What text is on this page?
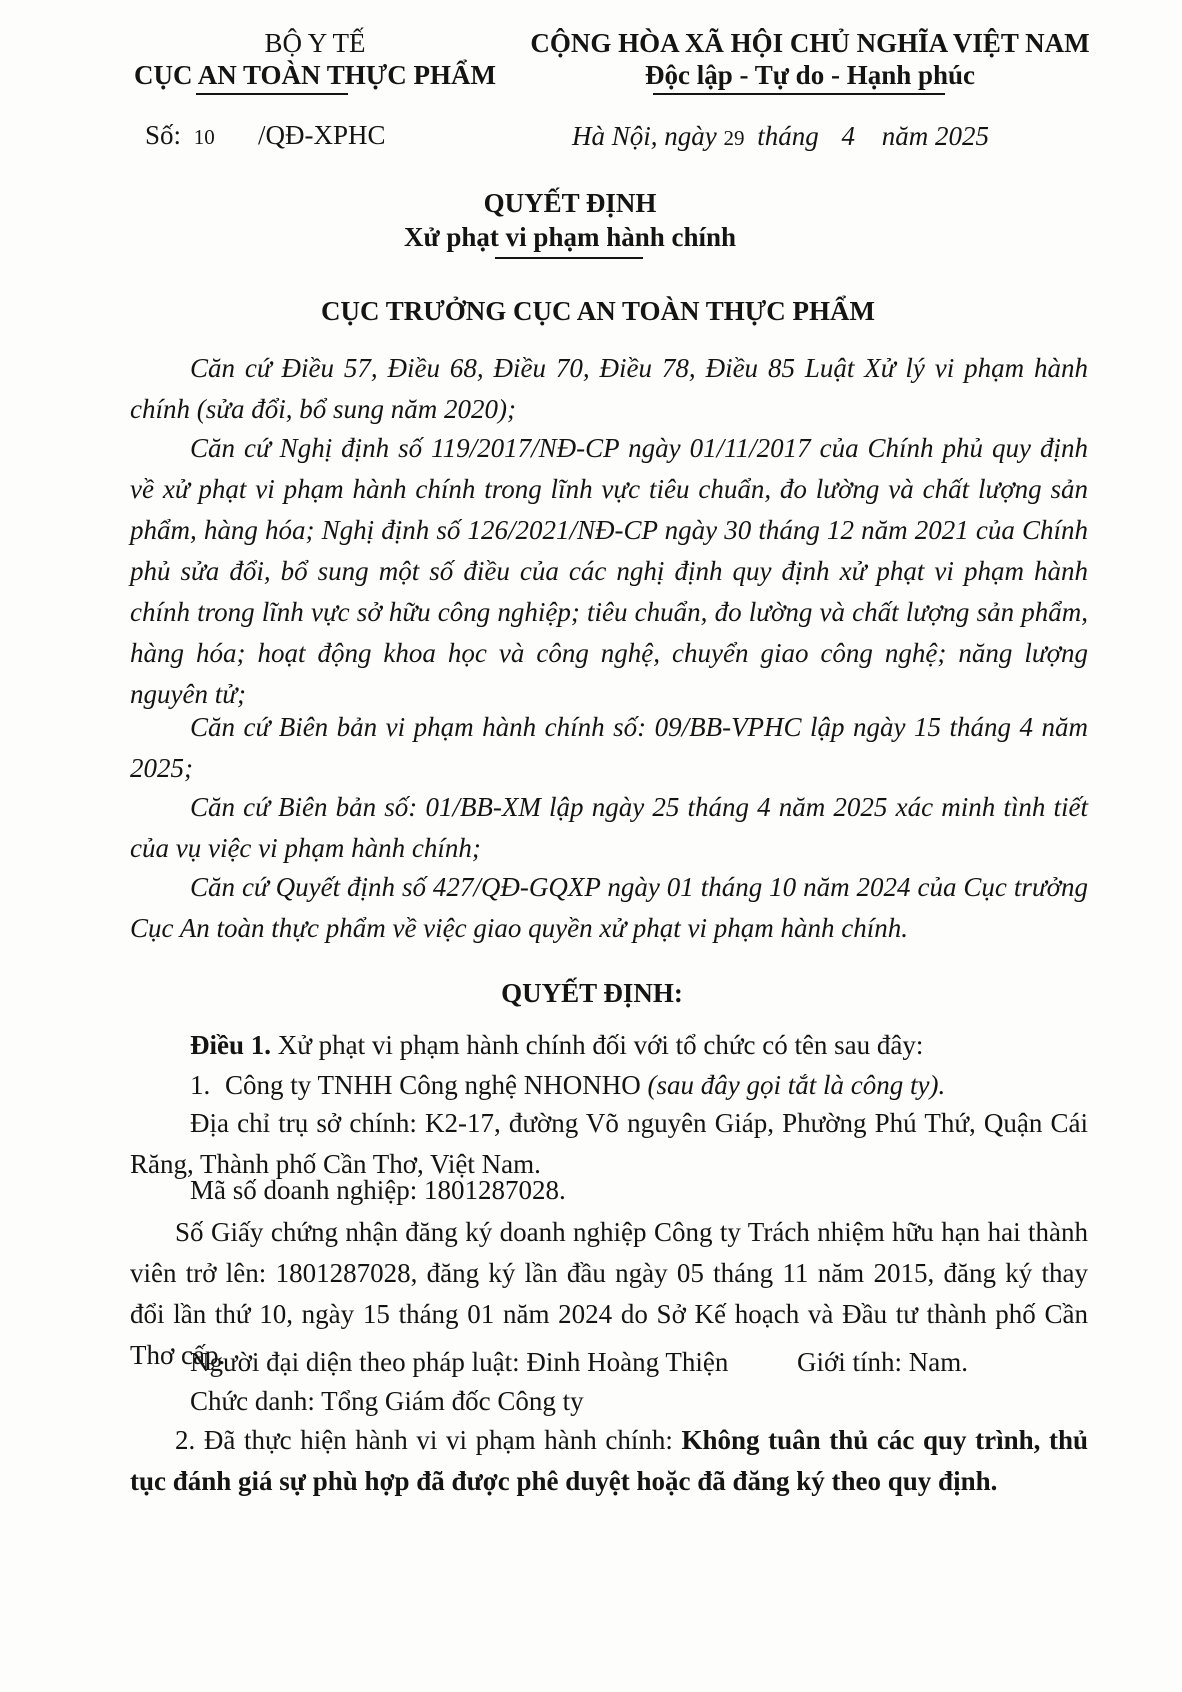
BỘ Y TẾ
CỤC AN TOÀN THỰC PHẨM
CỘNG HÒA XÃ HỘI CHỦ NGHĨA VIỆT NAM
Độc lập - Tự do - Hạnh phúc
Số: 10 /QĐ-XPHC	Hà Nội, ngày 29 tháng 4 năm 2025
QUYẾT ĐỊNH
Xử phạt vi phạm hành chính
CỤC TRƯỞNG CỤC AN TOÀN THỰC PHẨM
Căn cứ Điều 57, Điều 68, Điều 70, Điều 78, Điều 85 Luật Xử lý vi phạm hành chính (sửa đổi, bổ sung năm 2020);
Căn cứ Nghị định số 119/2017/NĐ-CP ngày 01/11/2017 của Chính phủ quy định về xử phạt vi phạm hành chính trong lĩnh vực tiêu chuẩn, đo lường và chất lượng sản phẩm, hàng hóa; Nghị định số 126/2021/NĐ-CP ngày 30 tháng 12 năm 2021 của Chính phủ sửa đổi, bổ sung một số điều của các nghị định quy định xử phạt vi phạm hành chính trong lĩnh vực sở hữu công nghiệp; tiêu chuẩn, đo lường và chất lượng sản phẩm, hàng hóa; hoạt động khoa học và công nghệ, chuyển giao công nghệ; năng lượng nguyên tử;
Căn cứ Biên bản vi phạm hành chính số: 09/BB-VPHC lập ngày 15 tháng 4 năm 2025;
Căn cứ Biên bản số: 01/BB-XM lập ngày 25 tháng 4 năm 2025 xác minh tình tiết của vụ việc vi phạm hành chính;
Căn cứ Quyết định số 427/QĐ-GQXP ngày 01 tháng 10 năm 2024 của Cục trưởng Cục An toàn thực phẩm về việc giao quyền xử phạt vi phạm hành chính.
QUYẾT ĐỊNH:
Điều 1. Xử phạt vi phạm hành chính đối với tổ chức có tên sau đây:
1. Công ty TNHH Công nghệ NHONHO (sau đây gọi tắt là công ty).
Địa chỉ trụ sở chính: K2-17, đường Võ nguyên Giáp, Phường Phú Thứ, Quận Cái Răng, Thành phố Cần Thơ, Việt Nam.
Mã số doanh nghiệp: 1801287028.
Số Giấy chứng nhận đăng ký doanh nghiệp Công ty Trách nhiệm hữu hạn hai thành viên trở lên: 1801287028, đăng ký lần đầu ngày 05 tháng 11 năm 2015, đăng ký thay đổi lần thứ 10, ngày 15 tháng 01 năm 2024 do Sở Kế hoạch và Đầu tư thành phố Cần Thơ cấp.
Người đại diện theo pháp luật: Đinh Hoàng Thiện	Giới tính: Nam.
Chức danh: Tổng Giám đốc Công ty
2. Đã thực hiện hành vi vi phạm hành chính: Không tuân thủ các quy trình, thủ tục đánh giá sự phù hợp đã được phê duyệt hoặc đã đăng ký theo quy định.
